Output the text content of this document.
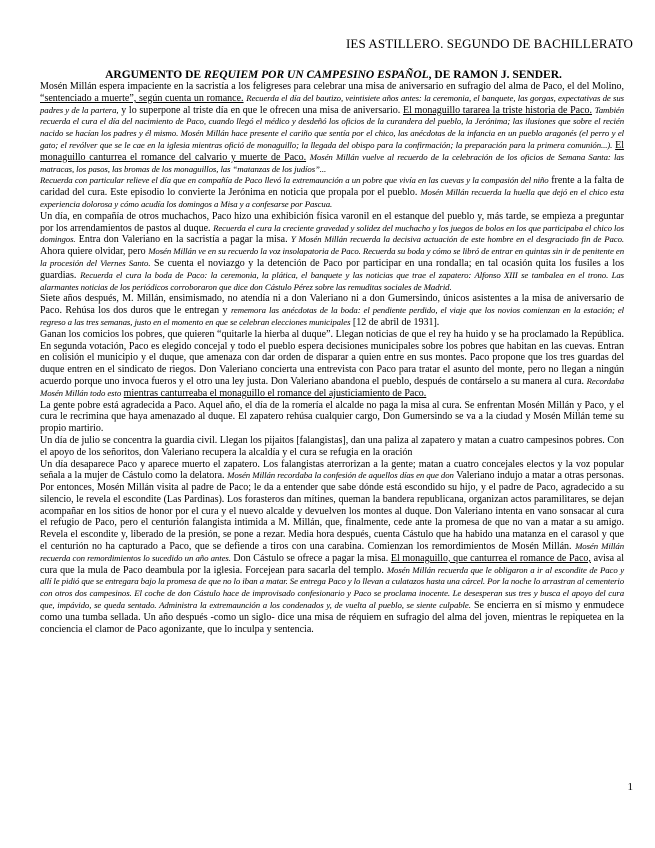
IES ASTILLERO. SEGUNDO DE BACHILLERATO
ARGUMENTO DE REQUIEM POR UN CAMPESINO ESPAÑOL, DE RAMON J. SENDER.

Mosén Millán espera impaciente en la sacristía a los feligreses para celebrar una misa de aniversario en sufragio del alma de Paco, el del Molino, “sentenciado a muerte”, según cuenta un romance. Recuerda el día del bautizo, veintisiete años antes: la ceremonia, el banquete, las gorgas, expectativas de sus padres y de la partera, y lo superpone al triste día en que le ofrecen una misa de aniversario. El monaguillo tararea la triste historia de Paco. También recuerda el cura el día del nacimiento de Paco, cuando llegó el médico y desdeñó los oficios de la curandera del pueblo, la Jerónima; las ilusiones que sobre el recién nacido se hacían los padres y él mismo. Mosén Millán hace presente el cariño que sentía por el chico, las anécdotas de la infancia en un pueblo aragonés (el perro y el gato; el revólver que se le cae en la iglesia mientras ofició de monaguillo; la llegada del obispo para la confirmación; la preparación para la primera comunión...). El monaguillo canturrea el romance del calvario y muerte de Paco. Mosén Millán vuelve al recuerdo de la celebración de los oficios de Semana Santa: las matracas, los pasos, las bromas de los monaguillos, las “matanzas de los judíos”...

Recuerda con particular relieve el día que en compañía de Paco llevó la extremaunción a un pobre que vivía en las cuevas y la compasión del niño frente a la falta de caridad del cura. Este episodio lo convierte la Jerónima en noticia que propala por el pueblo. Mosén Millán recuerda la huella que dejó en el chico esta experiencia dolorosa y cómo acudía los domingos a Misa y a confesarse por Pascua.

Un día, en compañía de otros muchachos, Paco hizo una exhibición física varonil en el estanque del pueblo y, más tarde, se empieza a preguntar por los arrendamientos de pastos al duque. Recuerda el cura la creciente gravedad y solidez del muchacho y los juegos de bolos en los que participaba el chico los domingos. Entra don Valeriano en la sacristía a pagar la misa. Y Mosén Millán recuerda la decisiva actuación de este hombre en el desgraciado fin de Paco. Ahora quiere olvidar, pero Mosén Millán ve en su recuerdo la voz insolapatoria de Paco. Recuerda su boda y cómo se libró de entrar en quintas sin ir de penitente en la procesión del Viernes Santo. Se cuenta el noviazgo y la detención de Paco por participar en una rondalla; en tal ocasión quita los fusiles a los guardias. Recuerda el cura la boda de Paco: la ceremonia, la plática, el banquete y las noticias que trae el zapatero: Alfonso XIII se tambalea en el trono. Las alarmantes noticias de los periódicos corroboraron que dice don Cástulo Pérez sobre las remuditas sociales de Madrid.

Siete años después, M. Millán, ensimismado, no atendía ni a don Valeriano ni a don Gumersindo, únicos asistentes a la misa de aniversario de Paco. Rehúsa los dos duros que le entregan y rememora las anécdotas de la boda: el pendiente perdido, el viaje que los novios comienzan en la estación; el regreso a las tres semanas, justo en el momento en que se celebran elecciones municipales [12 de abril de 1931].

Ganan los comicios los pobres, que quieren “quitarle la hierba al duque”. Llegan noticias de que el rey ha huido y se ha proclamado la República. En segunda votación, Paco es elegido concejal y todo el pueblo espera decisiones municipales sobre los pobres que habitan en las cuevas. Entran en colisión el municipio y el duque, que amenaza con dar orden de disparar a quien entre en sus montes. Paco propone que los tres guardas del duque entren en el sindicato de riegos. Don Valeriano concierta una entrevista con Paco para tratar el asunto del monte, pero no llegan a ningún acuerdo porque uno invoca fueros y el otro una ley justa. Don Valeriano abandona el pueblo, después de contárselo a su manera al cura. Recordaba Mosén Millán todo esto mientras canturreaba el monaguillo el romance del ajusticiamiento de Paco.

La gente pobre está agradecida a Paco. Aquel año, el día de la romería el alcalde no paga la misa al cura. Se enfrentan Mosén Millán y Paco, y el cura le recrimina que haya amenazado al duque. El zapatero rehúsa cualquier cargo, Don Gumersindo se va a la ciudad y Mosén Millán teme su propio martirio.

Un día de julio se concentra la guardia civil. Llegan los pijaitos [falangistas], dan una paliza al zapatero y matan a cuatro campesinos pobres. Con el apoyo de los señoritos, don Valeriano recupera la alcaldía y el cura se refugia en la oración

Un día desaparece Paco y aparece muerto el zapatero. Los falangistas aterrorizan a la gente; matan a cuatro concejales electos y la voz popular señala a la mujer de Cástulo como la delatora. Mosén Millán recordaba la confesión de aquellos días en que don Valeriano indujo a matar a otras personas. Por entonces, Mosén Millán visita al padre de Paco; le da a entender que sabe dónde está escondido su hijo, y el padre de Paco, agradecido a su silencio, le revela el escondite (Las Pardinas). Los forasteros dan mítines, queman la bandera republicana, organizan actos paramilitares, se dejan acompañar en los sitios de honor por el cura y el nuevo alcalde y devuelven los montes al duque. Don Valeriano intenta en vano sonsacar al cura el refugio de Paco, pero el centurión falangista intimida a M. Millán, que, finalmente, cede ante la promesa de que no van a matar a su amigo. Revela el escondite y, liberado de la presión, se pone a rezar. Media hora después, cuenta Cástulo que ha habido una matanza en el carasol y que el centurión no ha capturado a Paco, que se defiende a tiros con una carabina. Comienzan los remordimientos de Mosén Millán. Mosén Millán recuerda con remordimientos lo sucedido un año antes. Don Cástulo se ofrece a pagar la misa. El monaguillo, que canturrea el romance de Paco, avisa al cura que la mula de Paco deambula por la iglesia. Forcejean para sacarla del templo. Mosén Millán recuerda que le obligaron a ir al escondite de Paco y allí le pidió que se entregara bajo la promesa de que no lo iban a matar. Se entrega Paco y lo llevan a culatazos hasta una cárcel. Por la noche lo arrastran al cementerio con otros dos campesinos. El coche de don Cástulo hace de improvisado confesionario y Paco se proclama inocente. Le desesperan sus tres y busca el apoyo del cura que, impávido, se queda sentado. Administra la extremaunción a los condenados y, de vuelta al pueblo, se siente culpable. Se encierra en sí mismo y enmudece como una tumba sellada. Un año después -como un siglo- dice una misa de réquiem en sufragio del alma del joven, mientras le repiquetea en la conciencia el clamor de Paco agonizante, que lo inculpa y sentencia.

1
